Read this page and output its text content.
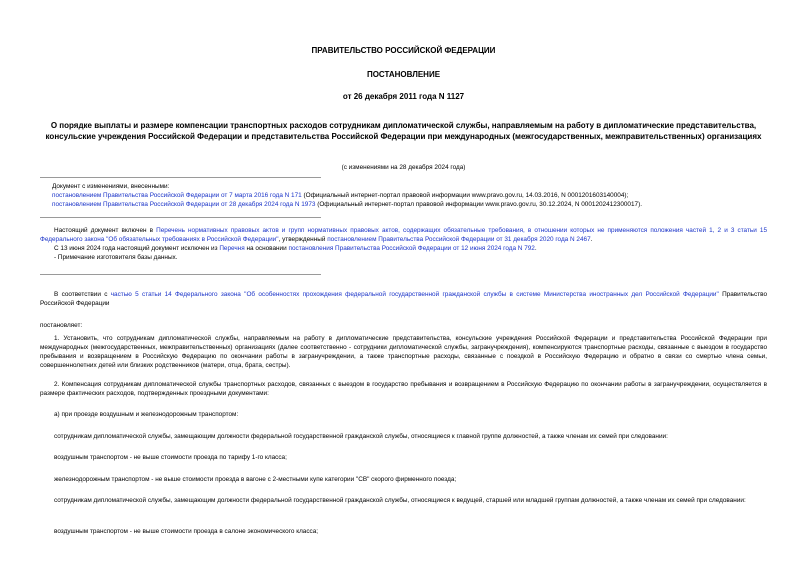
ПРАВИТЕЛЬСТВО РОССИЙСКОЙ ФЕДЕРАЦИИ
ПОСТАНОВЛЕНИЕ
от 26 декабря 2011 года N 1127
О порядке выплаты и размере компенсации транспортных расходов сотрудникам дипломатической службы, направляемым на работу в дипломатические представительства, консульские учреждения Российской Федерации и представительства Российской Федерации при международных (межгосударственных, межправительственных) организациях
(с изменениями на 28 декабря 2024 года)

Документ с изменениями, внесенными:

постановлением Правительства Российской Федерации от 7 марта 2016 года N 171 (Официальный интернет-портал правовой информации www.pravo.gov.ru, 14.03.2016, N 0001201603140004);

постановлением Правительства Российской Федерации от 28 декабря 2024 года N 1973 (Официальный интернет-портал правовой информации www.pravo.gov.ru, 30.12.2024, N 0001202412300017).

Настоящий документ включен в Перечень нормативных правовых актов и групп нормативных правовых актов, содержащих обязательные требования, в отношении которых не применяются положения частей 1, 2 и 3 статьи 15 Федерального закона "Об обязательных требованиях в Российской Федерации", утвержденный постановлением Правительства Российской Федерации от 31 декабря 2020 года N 2467.

С 13 июня 2024 года настоящий документ исключен из Перечня на основании постановления Правительства Российской Федерации от 12 июня 2024 года N 792.

- Примечание изготовителя базы данных.

В соответствии с частью 5 статьи 14 Федерального закона "Об особенностях прохождения федеральной государственной гражданской службы в системе Министерства иностранных дел Российской Федерации" Правительство Российской Федерации

постановляет:

1. Установить, что сотрудникам дипломатической службы, направляемым на работу в дипломатические представительства, консульские учреждения Российской Федерации и представительства Российской Федерации при международных (межгосударственных, межправительственных) организациях (далее соответственно - сотрудники дипломатической службы, загранучреждения), компенсируются транспортные расходы, связанные с выездом в государство пребывания и возвращением в Российскую Федерацию по окончании работы в загранучреждении, а также транспортные расходы, связанные с поездкой в Российскую Федерацию и обратно в связи со смертью члена семьи, совершеннолетних детей или близких родственников (матери, отца, брата, сестры).

2. Компенсация сотрудникам дипломатической службы транспортных расходов, связанных с выездом в государство пребывания и возвращением в Российскую Федерацию по окончании работы в загранучреждении, осуществляется в размере фактических расходов, подтвержденных проездными документами:

а) при проезде воздушным и железнодорожным транспортом:

сотрудникам дипломатической службы, замещающим должности федеральной государственной гражданской службы, относящиеся к главной группе должностей, а также членам их семей при следовании:

воздушным транспортом - не выше стоимости проезда по тарифу 1-го класса;

железнодорожным транспортом - не выше стоимости проезда в вагоне с 2-местными купе категории "СВ" скорого фирменного поезда;

сотрудникам дипломатической службы, замещающим должности федеральной государственной гражданской службы, относящиеся к ведущей, старшей или младшей группам должностей, а также членам их семей при следовании:

воздушным транспортом - не выше стоимости проезда в салоне экономического класса;
